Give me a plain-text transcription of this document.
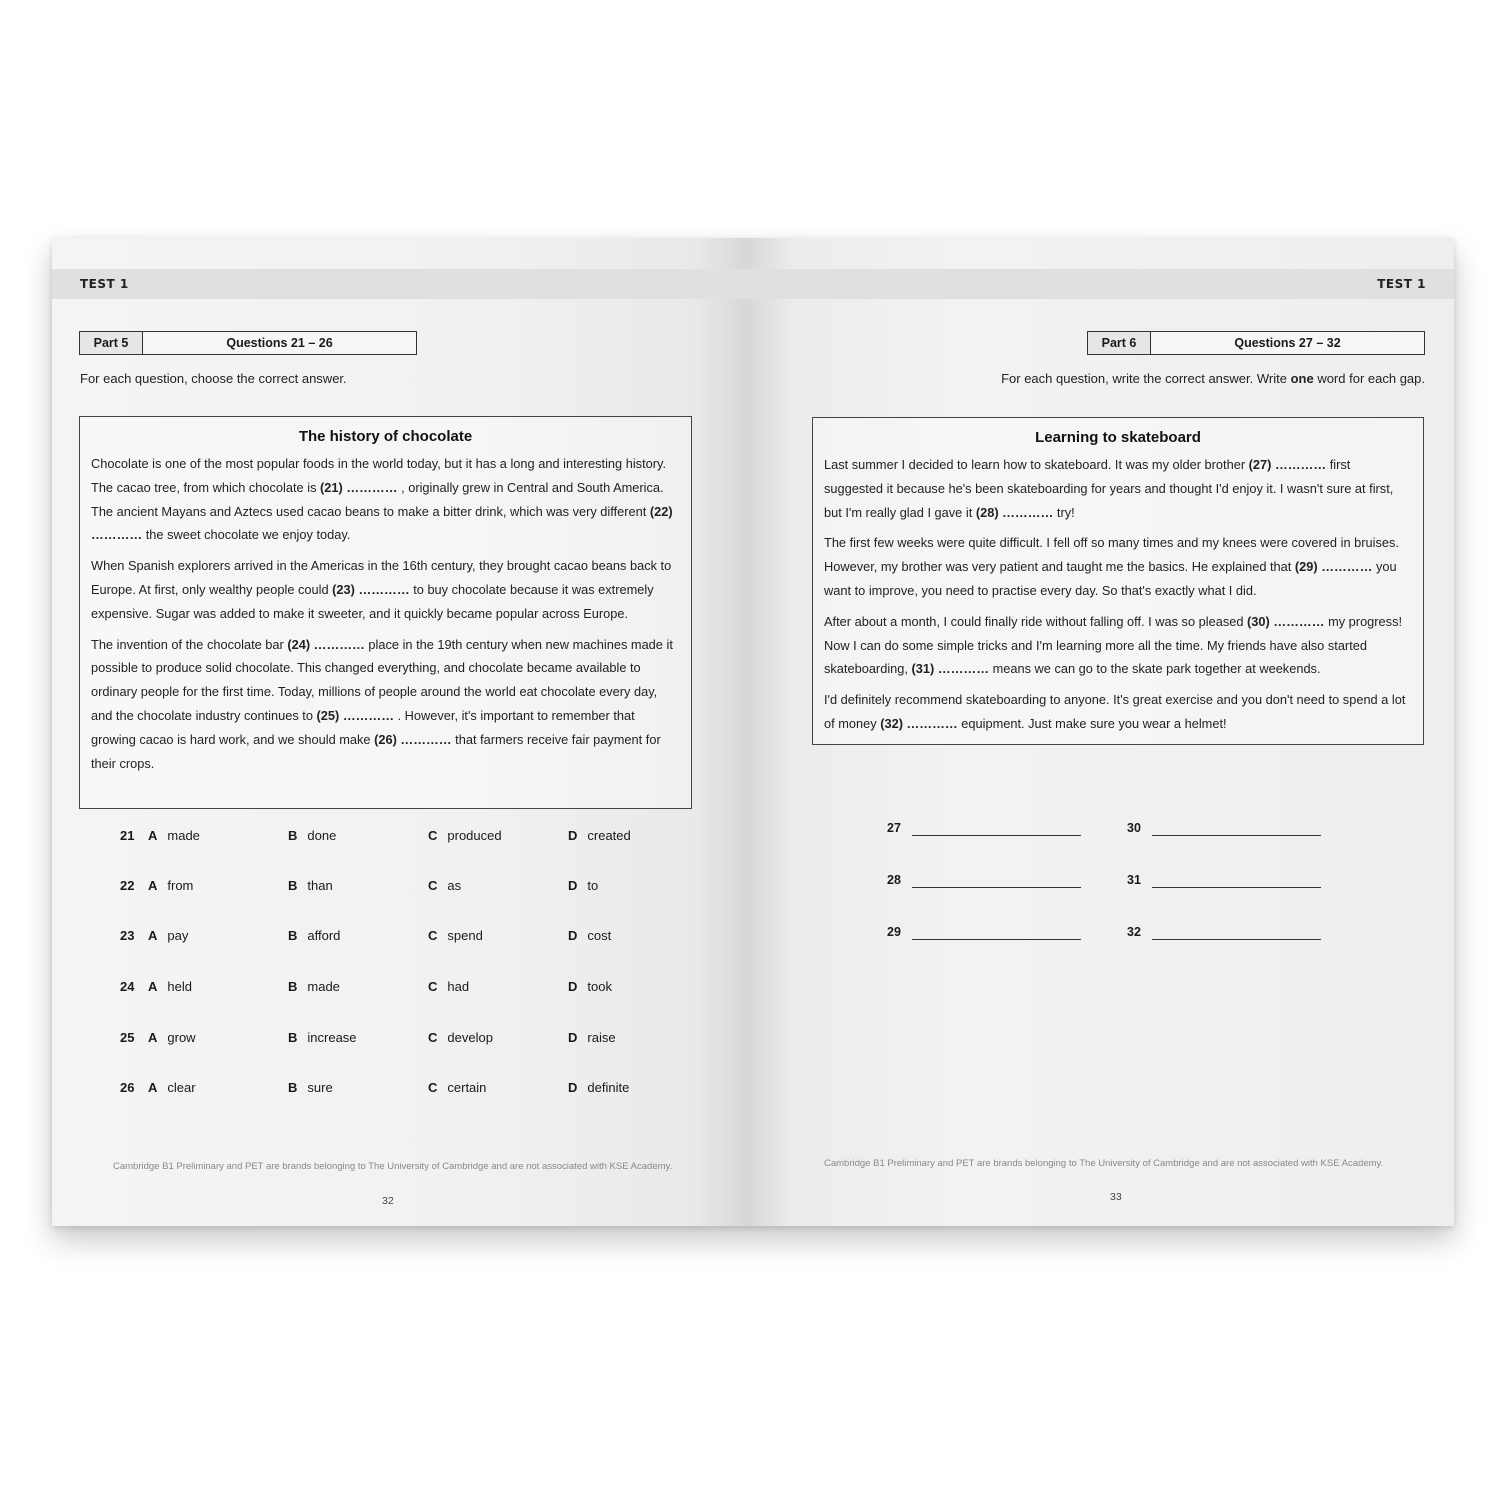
TEST 1
Part 5	Questions 21 – 26
For each question, choose the correct answer.
The history of chocolate

Chocolate is one of the most popular foods in the world today, but it has a long and interesting history. The cacao tree, from which chocolate is (21) ………… , originally grew in Central and South America. The ancient Mayans and Aztecs used cacao beans to make a bitter drink, which was very different (22) ………… the sweet chocolate we enjoy today.

When Spanish explorers arrived in the Americas in the 16th century, they brought cacao beans back to Europe. At first, only wealthy people could (23) ………… to buy chocolate because it was extremely expensive. Sugar was added to make it sweeter, and it quickly became popular across Europe.

The invention of the chocolate bar (24) ………… place in the 19th century when new machines made it possible to produce solid chocolate. This changed everything, and chocolate became available to ordinary people for the first time. Today, millions of people around the world eat chocolate every day, and the chocolate industry continues to (25) ………… . However, it's important to remember that growing cacao is hard work, and we should make (26) ………… that farmers receive fair payment for their crops.

21 A made	B done	C produced	D created
22 A from	B than	C as	D to
23 A pay	B afford	C spend	D cost
24 A held	B made	C had	D took
25 A grow	B increase	C develop	D raise
26 A clear	B sure	C certain	D definite
Cambridge B1 Preliminary and PET are brands belonging to The University of Cambridge and are not associated with KSE Academy.
32
TEST 1
Part 6	Questions 27 – 32
For each question, write the correct answer. Write one word for each gap.
Learning to skateboard

Last summer I decided to learn how to skateboard. It was my older brother (27) ………… first suggested it because he's been skateboarding for years and thought I'd enjoy it. I wasn't sure at first, but I'm really glad I gave it (28) ………… try!

The first few weeks were quite difficult. I fell off so many times and my knees were covered in bruises. However, my brother was very patient and taught me the basics. He explained that (29) ………… you want to improve, you need to practise every day. So that's exactly what I did.

After about a month, I could finally ride without falling off. I was so pleased (30) ………… my progress! Now I can do some simple tricks and I'm learning more all the time. My friends have also started skateboarding, (31) ………… means we can go to the skate park together at weekends.

I'd definitely recommend skateboarding to anyone. It's great exercise and you don't need to spend a lot of money (32) ………… equipment. Just make sure you wear a helmet!

27
28
29
30
31
32
Cambridge B1 Preliminary and PET are brands belonging to The University of Cambridge and are not associated with KSE Academy.
33
